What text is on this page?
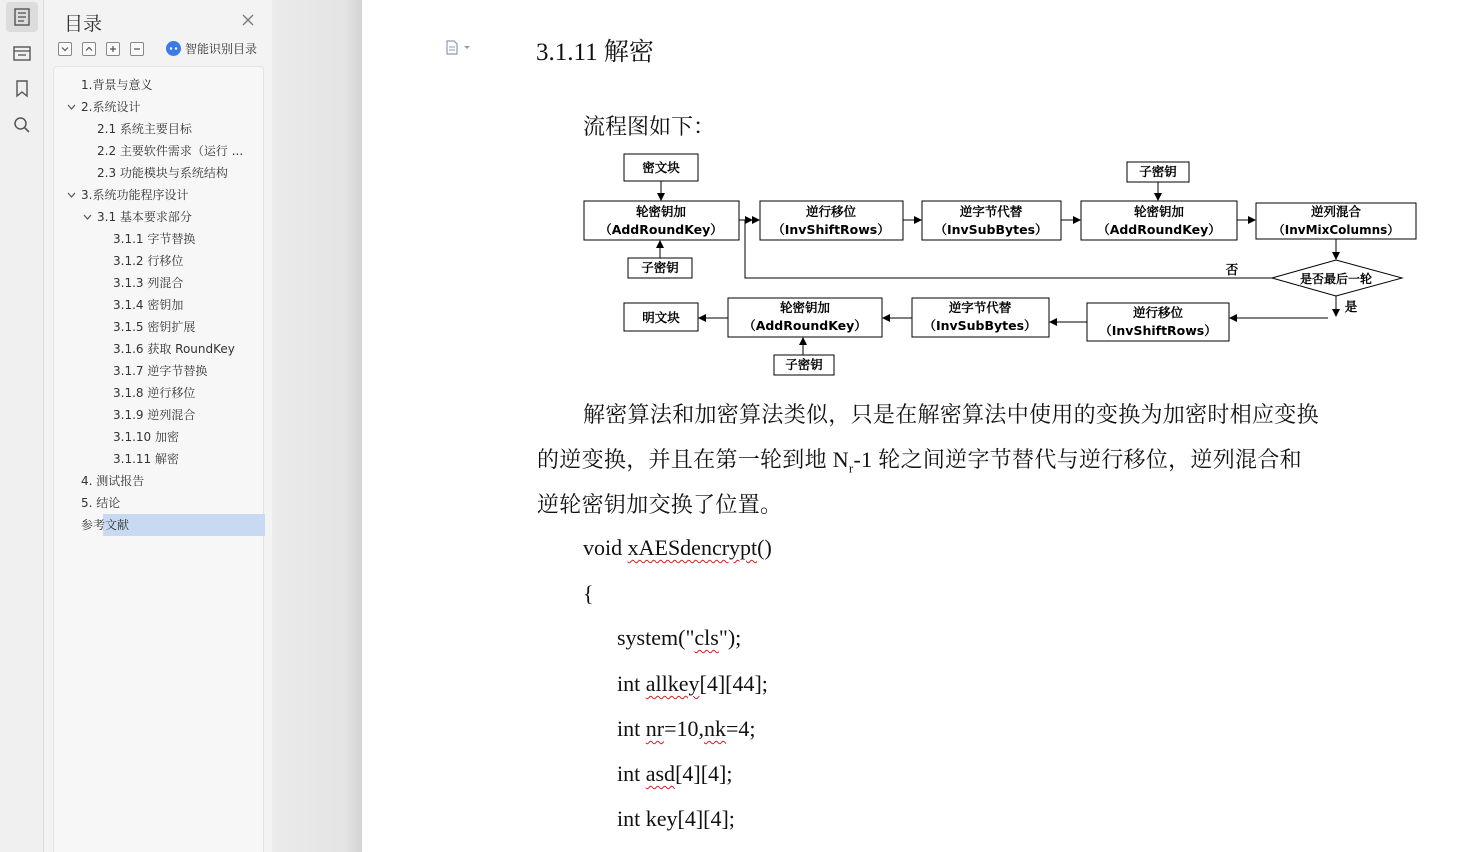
目录
智能识别目录
1.背景与意义
2.系统设计
2.1 系统主要目标
2.2 主要软件需求（运行 ...
2.3 功能模块与系统结构
3.系统功能程序设计
3.1 基本要求部分
3.1.1 字节替换
3.1.2 行移位
3.1.3 列混合
3.1.4 密钥加
3.1.5 密钥扩展
3.1.6 获取 RoundKey
3.1.7 逆字节替换
3.1.8 逆行移位
3.1.9 逆列混合
3.1.10 加密
3.1.11 解密
4. 测试报告
5. 结论
参考文献
3.1.11 解密
流程图如下：
密文块	子密钥
轮密钥加
（AddRoundKey）
逆行移位
（InvShiftRows）
逆字节代替
（InvSubBytes）
轮密钥加
（AddRoundKey）
逆列混合
（InvMixColumns）
子密钥
是否最后一轮
否
是
明文块
轮密钥加
（AddRoundKey）
逆字节代替
（InvSubBytes）
逆行移位
（InvShiftRows）
子密钥
解密算法和加密算法类似，只是在解密算法中使用的变换为加密时相应变换
的逆变换，并且在第一轮到地 $N_r-1$ 轮之间逆字节替代与逆行移位，逆列混合和
逆轮密钥加交换了位置。
void xAESdencrypt()
{
system("cls");
int allkey[4][44];
int nr=10,nk=4;
int asd[4][4];
int key[4][4];
